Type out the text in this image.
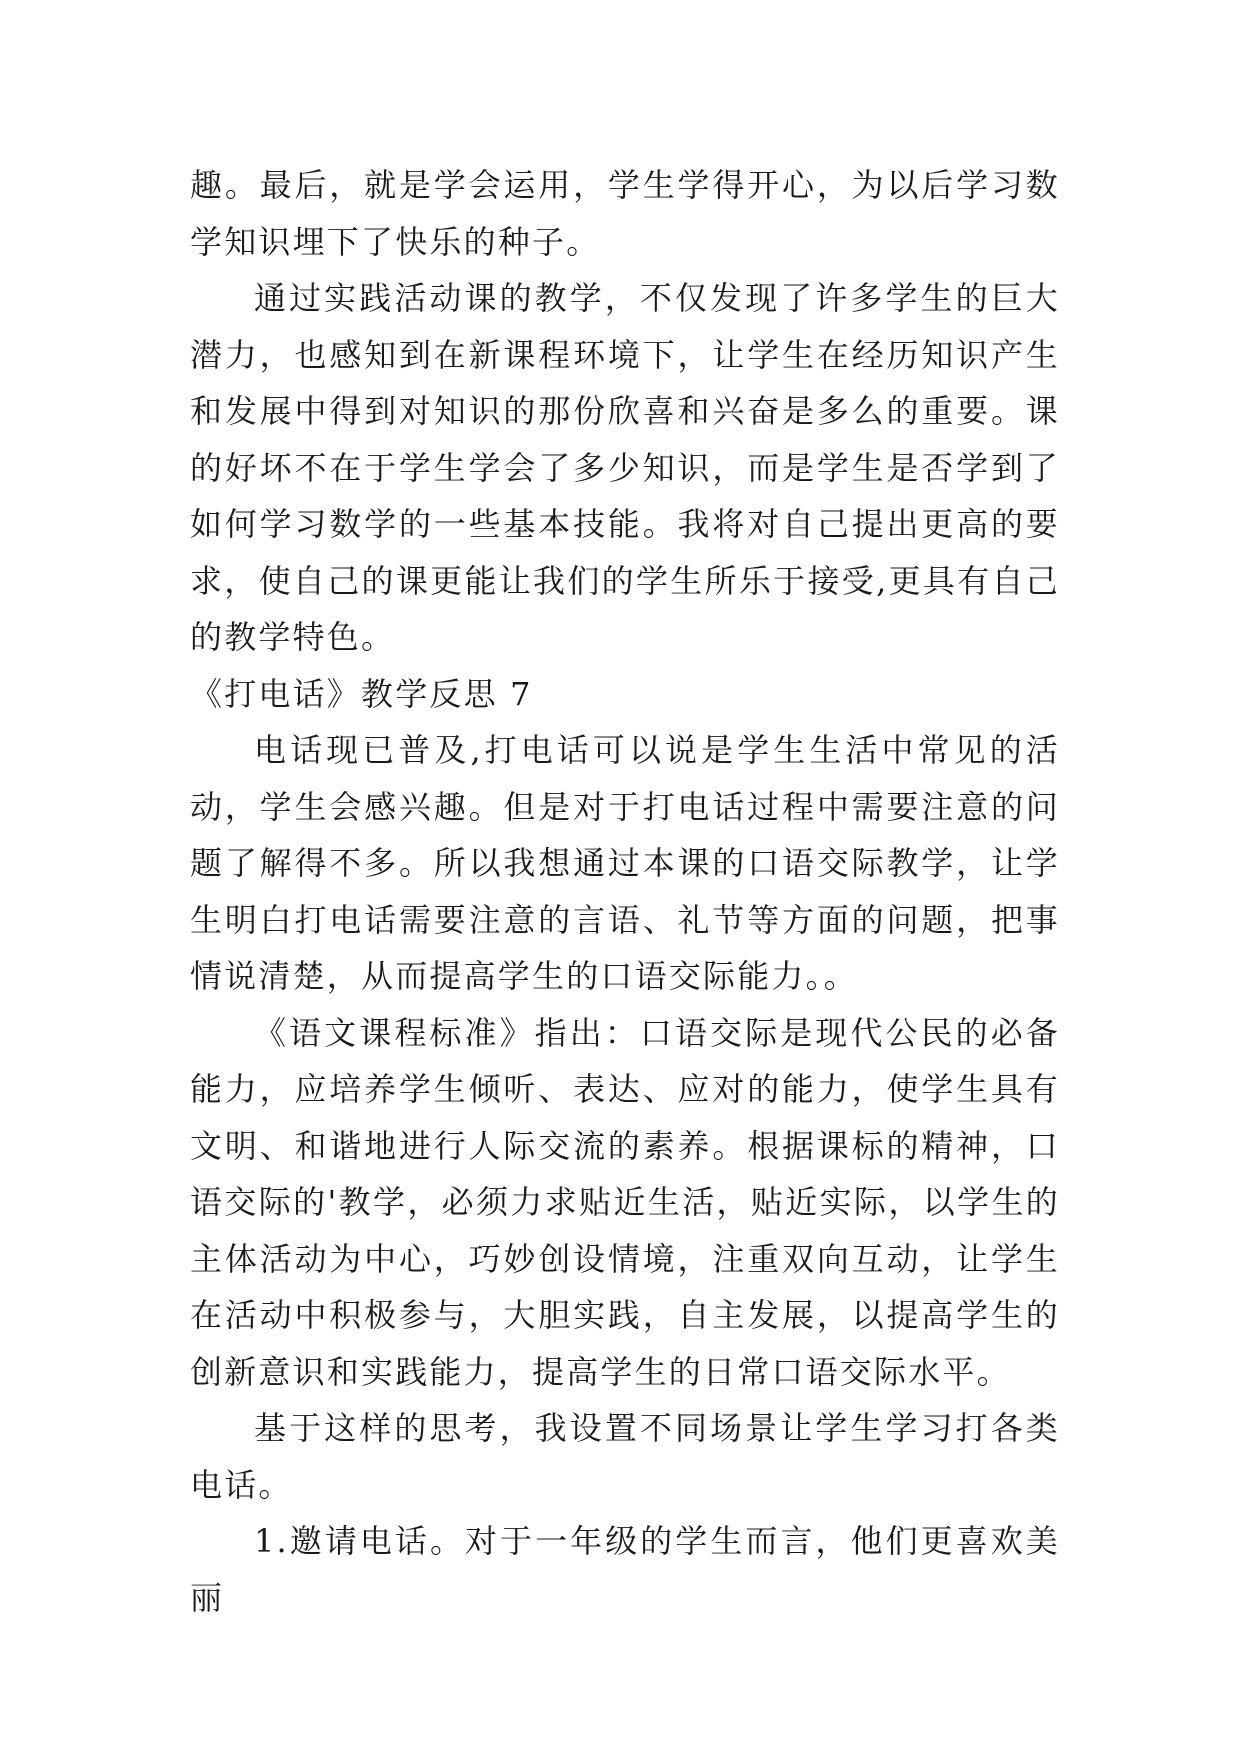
趣。最后，就是学会运用，学生学得开心，为以后学习数学知识埋下了快乐的种子。

通过实践活动课的教学，不仅发现了许多学生的巨大潜力，也感知到在新课程环境下，让学生在经历知识产生和发展中得到对知识的那份欣喜和兴奋是多么的重要。课的好坏不在于学生学会了多少知识，而是学生是否学到了如何学习数学的一些基本技能。我将对自己提出更高的要求，使自己的课更能让我们的学生所乐于接受,更具有自己的教学特色。

《打电话》教学反思 7

电话现已普及,打电话可以说是学生生活中常见的活动，学生会感兴趣。但是对于打电话过程中需要注意的问题了解得不多。所以我想通过本课的口语交际教学，让学生明白打电话需要注意的言语、礼节等方面的问题，把事情说清楚，从而提高学生的口语交际能力。。

《语文课程标准》指出：口语交际是现代公民的必备能力，应培养学生倾听、表达、应对的能力，使学生具有文明、和谐地进行人际交流的素养。根据课标的精神，口语交际的'教学，必须力求贴近生活，贴近实际，以学生的主体活动为中心，巧妙创设情境，注重双向互动，让学生在活动中积极参与，大胆实践，自主发展，以提高学生的创新意识和实践能力，提高学生的日常口语交际水平。

基于这样的思考，我设置不同场景让学生学习打各类电话。

1.邀请电话。对于一年级的学生而言，他们更喜欢美丽
